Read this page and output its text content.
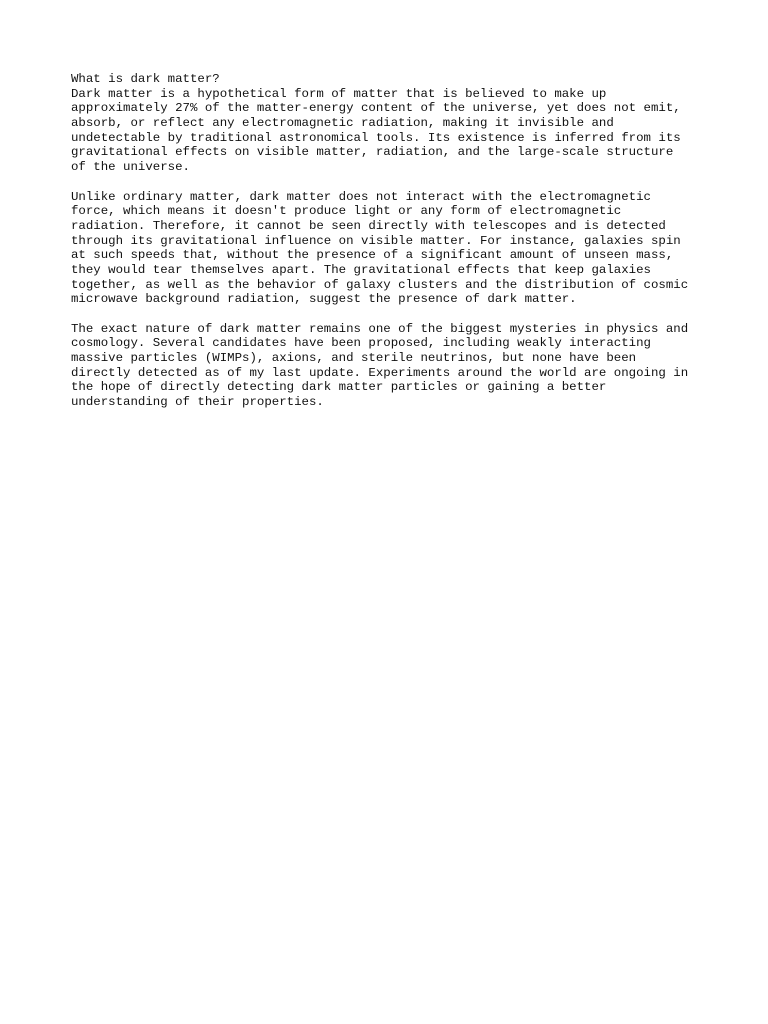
What is dark matter?
Dark matter is a hypothetical form of matter that is believed to make up
approximately 27% of the matter-energy content of the universe, yet does not emit,
absorb, or reflect any electromagnetic radiation, making it invisible and
undetectable by traditional astronomical tools. Its existence is inferred from its
gravitational effects on visible matter, radiation, and the large-scale structure
of the universe.
Unlike ordinary matter, dark matter does not interact with the electromagnetic
force, which means it doesn't produce light or any form of electromagnetic
radiation. Therefore, it cannot be seen directly with telescopes and is detected
through its gravitational influence on visible matter. For instance, galaxies spin
at such speeds that, without the presence of a significant amount of unseen mass,
they would tear themselves apart. The gravitational effects that keep galaxies
together, as well as the behavior of galaxy clusters and the distribution of cosmic
microwave background radiation, suggest the presence of dark matter.
The exact nature of dark matter remains one of the biggest mysteries in physics and
cosmology. Several candidates have been proposed, including weakly interacting
massive particles (WIMPs), axions, and sterile neutrinos, but none have been
directly detected as of my last update. Experiments around the world are ongoing in
the hope of directly detecting dark matter particles or gaining a better
understanding of their properties.
